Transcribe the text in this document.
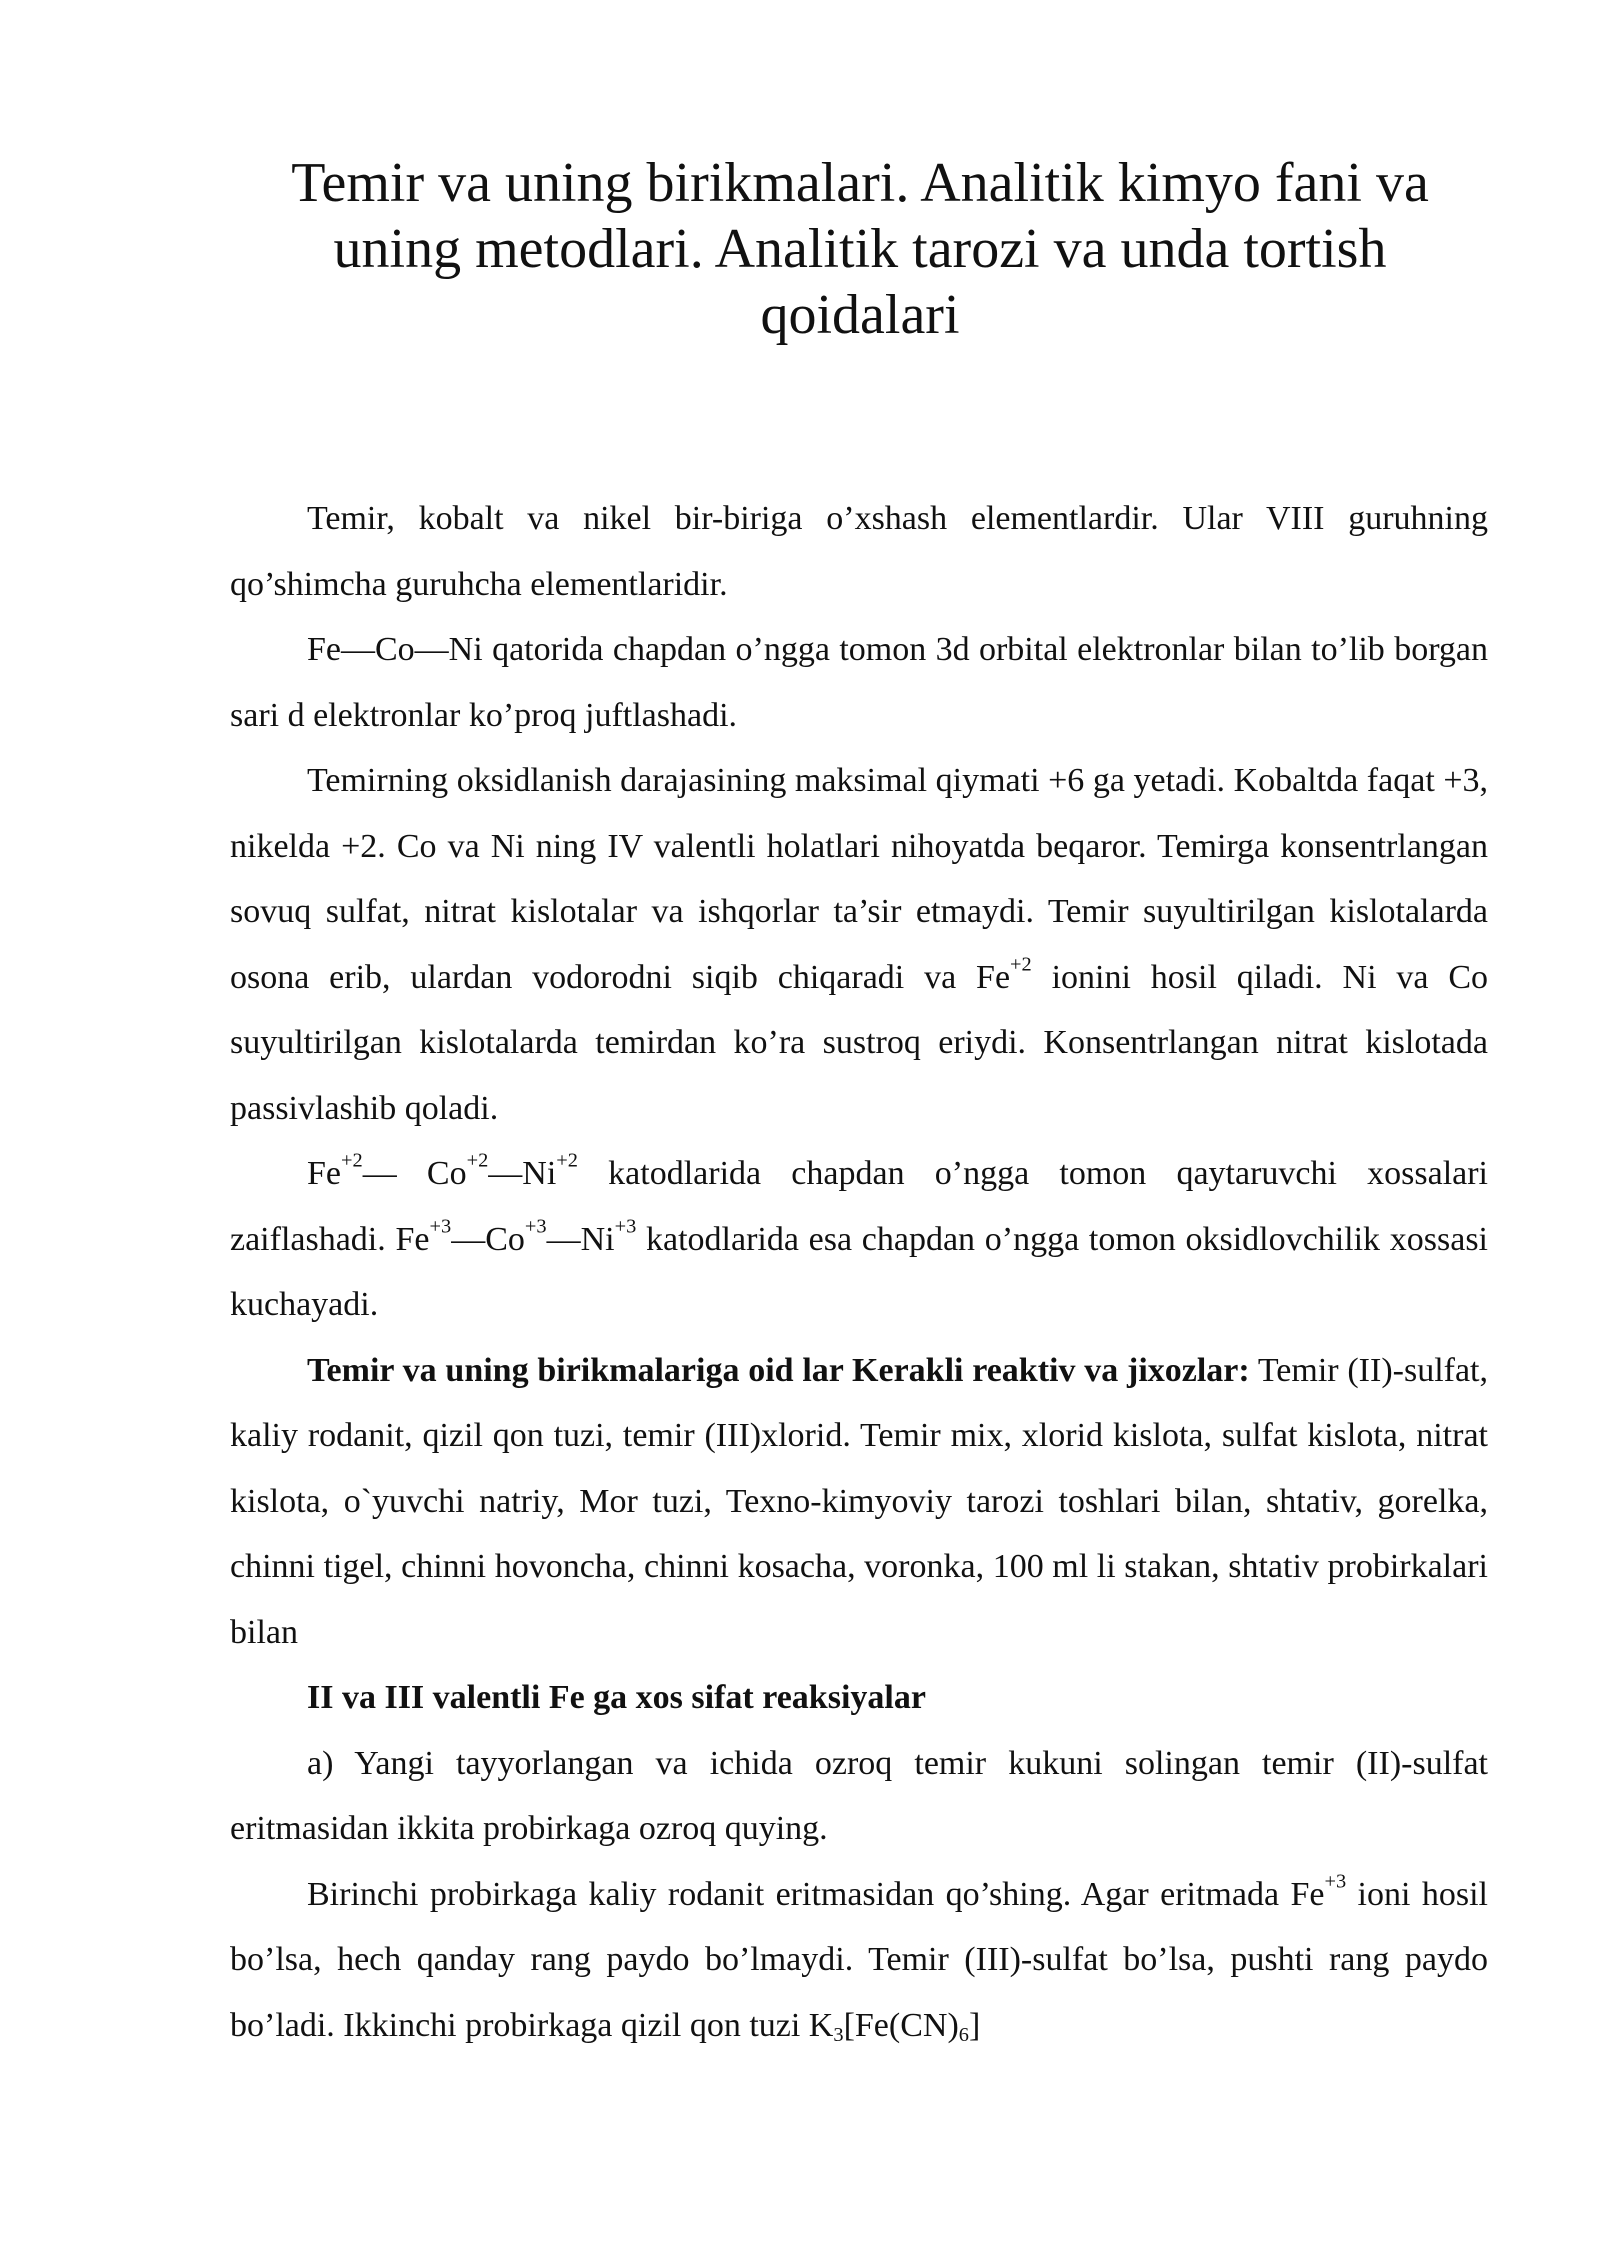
Temir va uning birikmalari. Analitik kimyo fani va uning metodlari. Analitik tarozi va unda tortish qoidalari

Temir, kobalt va nikel bir-biriga o’xshash elementlardir. Ular VIII guruhning qo’shimcha guruhcha elementlaridir.

Fe—Co—Ni qatorida chapdan o’ngga tomon 3d orbital elektronlar bilan to’lib borgan sari d elektronlar ko’proq juftlashadi.

Temirning oksidlanish darajasining maksimal qiymati +6 ga yetadi. Kobaltda faqat +3, nikelda +2. Co va Ni ning IV valentli holatlari nihoyatda beqaror. Temirga konsentrlangan sovuq sulfat, nitrat kislotalar va ishqorlar ta’sir etmaydi. Temir suyultirilgan kislotalarda osona erib, ulardan vodorodni siqib chiqaradi va $Fe^{+2}$ ionini hosil qiladi. Ni va Co suyultirilgan kislotalarda temirdan ko’ra sustroq eriydi. Konsentrlangan nitrat kislotada passivlashib qoladi.

$Fe^{+2}—$ $Co^{+2}—Ni^{+2}$ katodlarida chapdan o’ngga tomon qaytaruvchi xossalari zaiflashadi. $Fe^{+3}—Co^{+3}—Ni^{+3}$ katodlarida esa chapdan o’ngga tomon oksidlovchilik xossasi kuchayadi.

Temir va uning birikmalariga oid lar Kerakli reaktiv va jixozlar: Temir (II)-sulfat, kaliy rodanit, qizil qon tuzi, temir (III)xlorid. Temir mix, xlorid kislota, sulfat kislota, nitrat kislota, o`yuvchi natriy, Mor tuzi, Texno-kimyoviy tarozi toshlari bilan, shtativ, gorelka, chinni tigel, chinni hovoncha, chinni kosacha, voronka, 100 ml li stakan, shtativ probirkalari bilan

II va III valentli Fe ga xos sifat reaksiyalar

a) Yangi tayyorlangan va ichida ozroq temir kukuni solingan temir (II)-sulfat eritmasidan ikkita probirkaga ozroq quying.

Birinchi probirkaga kaliy rodanit eritmasidan qo’shing. Agar eritmada $Fe^{+3}$ ioni hosil bo’lsa, hech qanday rang paydo bo’lmaydi. Temir (III)-sulfat bo’lsa, pushti rang paydo bo’ladi. Ikkinchi probirkaga qizil qon tuzi $K_3[Fe(CN)_6]$
